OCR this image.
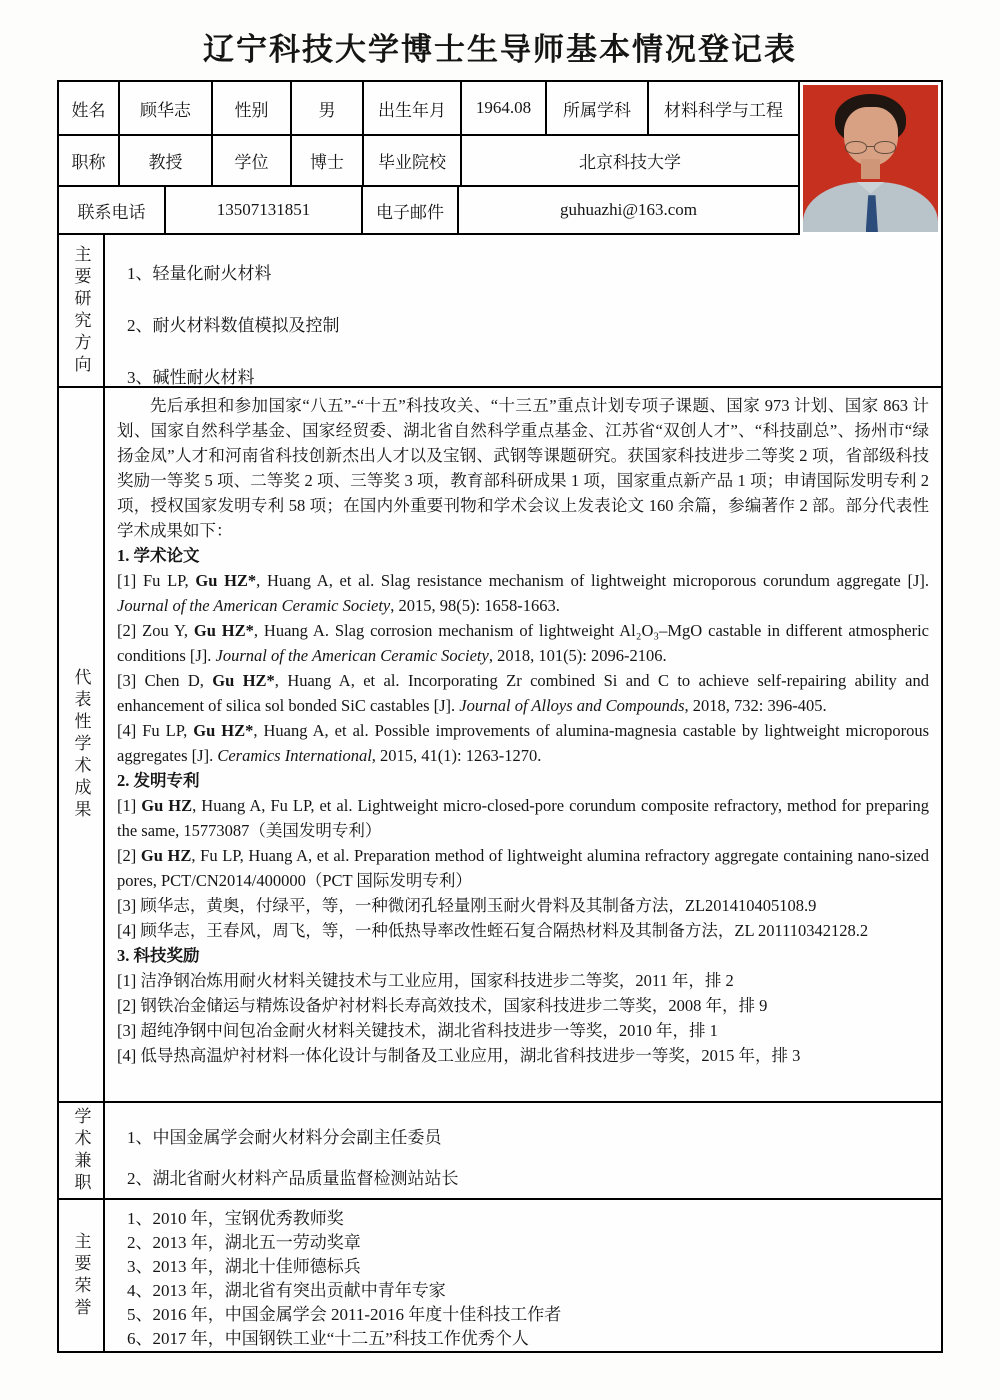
辽宁科技大学博士生导师基本情况登记表
姓名	顾华志	性别	男	出生年月	1964.08	所属学科	材料科学与工程
职称	教授	学位	博士	毕业院校	北京科技大学
联系电话	13507131851	电子邮件	guhuazhi@163.com
主要研究方向 1、轻量化耐火材料
2、耐火材料数值模拟及控制
3、碱性耐火材料
代表性学术成果
先后承担和参加国家“八五”-“十五”科技攻关、“十三五”重点计划专项子课题、国家 973 计划、国家 863 计划、国家自然科学基金、国家经贸委、湖北省自然科学重点基金、江苏省“双创人才”、“科技副总”、扬州市“绿扬金凤”人才和河南省科技创新杰出人才以及宝钢、武钢等课题研究。获国家科技进步二等奖 2 项，省部级科技奖励一等奖 5 项、二等奖 2 项、三等奖 3 项，教育部科研成果 1 项，国家重点新产品 1 项；申请国际发明专利 2 项，授权国家发明专利 58 项；在国内外重要刊物和学术会议上发表论文 160 余篇，参编著作 2 部。部分代表性学术成果如下：
1. 学术论文
[1] Fu LP, Gu HZ*, Huang A, et al. Slag resistance mechanism of lightweight microporous corundum aggregate [J]. Journal of the American Ceramic Society, 2015, 98(5): 1658-1663.
[2] Zou Y, Gu HZ*, Huang A. Slag corrosion mechanism of lightweight Al₂O₃–MgO castable in different atmospheric conditions [J]. Journal of the American Ceramic Society, 2018, 101(5): 2096-2106.
[3] Chen D, Gu HZ*, Huang A, et al. Incorporating Zr combined Si and C to achieve self-repairing ability and enhancement of silica sol bonded SiC castables [J]. Journal of Alloys and Compounds, 2018, 732: 396-405.
[4] Fu LP, Gu HZ*, Huang A, et al. Possible improvements of alumina-magnesia castable by lightweight microporous aggregates [J]. Ceramics International, 2015, 41(1): 1263-1270.
2. 发明专利
[1] Gu HZ, Huang A, Fu LP, et al. Lightweight micro-closed-pore corundum composite refractory, method for preparing the same, 15773087（美国发明专利）
[2] Gu HZ, Fu LP, Huang A, et al. Preparation method of lightweight alumina refractory aggregate containing nano-sized pores, PCT/CN2014/400000（PCT 国际发明专利）
[3] 顾华志，黄奥，付绿平，等，一种微闭孔轻量刚玉耐火骨料及其制备方法，ZL201410405108.9
[4] 顾华志，王春风，周飞，等，一种低热导率改性蛭石复合隔热材料及其制备方法，ZL 201110342128.2
3. 科技奖励
[1] 洁净钢冶炼用耐火材料关键技术与工业应用，国家科技进步二等奖，2011 年，排 2
[2] 钢铁冶金储运与精炼设备炉衬材料长寿高效技术，国家科技进步二等奖，2008 年，排 9
[3] 超纯净钢中间包冶金耐火材料关键技术，湖北省科技进步一等奖，2010 年，排 1
[4] 低导热高温炉衬材料一体化设计与制备及工业应用，湖北省科技进步一等奖，2015 年，排 3
学术兼职 1、中国金属学会耐火材料分会副主任委员
2、湖北省耐火材料产品质量监督检测站站长
主要荣誉
1、2010 年，宝钢优秀教师奖
2、2013 年，湖北五一劳动奖章
3、2013 年，湖北十佳师德标兵
4、2013 年，湖北省有突出贡献中青年专家
5、2016 年，中国金属学会 2011-2016 年度十佳科技工作者
6、2017 年，中国钢铁工业“十二五”科技工作优秀个人
